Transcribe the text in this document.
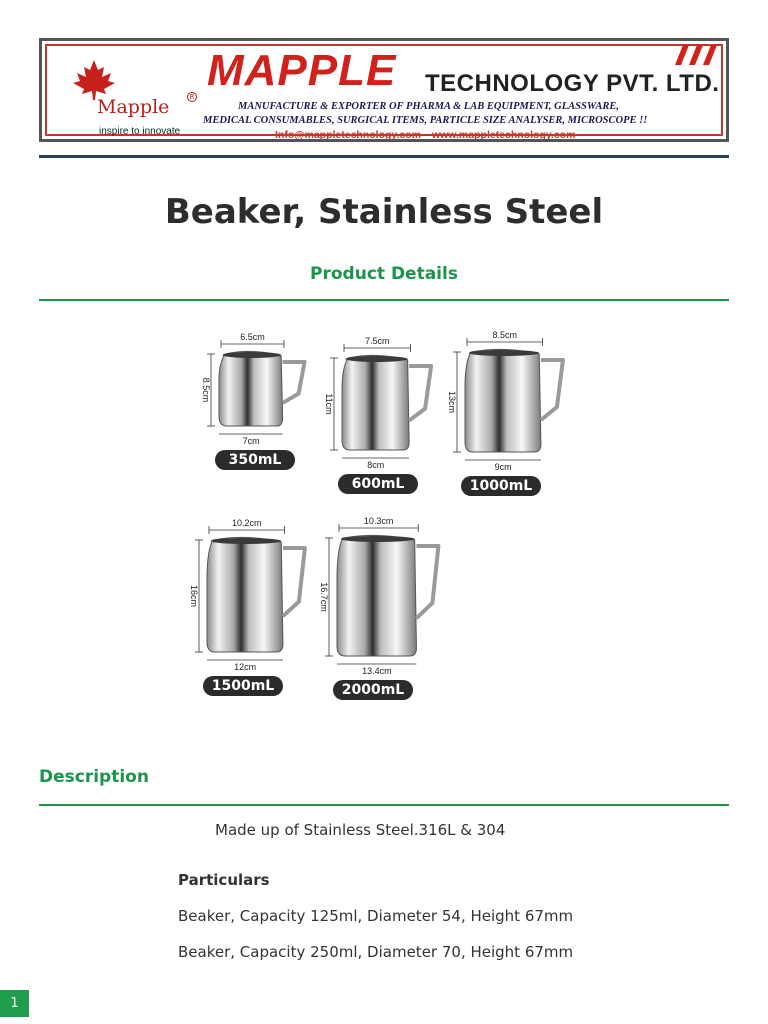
Mapple	R
inspire to innovate
MAPPLE TECHNOLOGY PVT. LTD.
MANUFACTURE & EXPORTER OF PHARMA & LAB EQUIPMENT, GLASSWARE,
MEDICAL CONSUMABLES, SURGICAL ITEMS, PARTICLE SIZE ANALYSER, MICROSCOPE !!
Info@mappletechnology.com www.mappletechnology.com
Beaker, Stainless Steel
Product Details
6.5cm
8.5cm
7cm
350mL
7.5cm
11cm
8cm
600mL
8.5cm
13cm
9cm
1000mL
10.2cm
16cm
12cm
1500mL
10.3cm
16.7cm
13.4cm
2000mL
Description
Made up of Stainless Steel.316L & 304
Particulars
Beaker, Capacity 125ml, Diameter 54, Height 67mm
Beaker, Capacity 250ml, Diameter 70, Height 67mm
1
